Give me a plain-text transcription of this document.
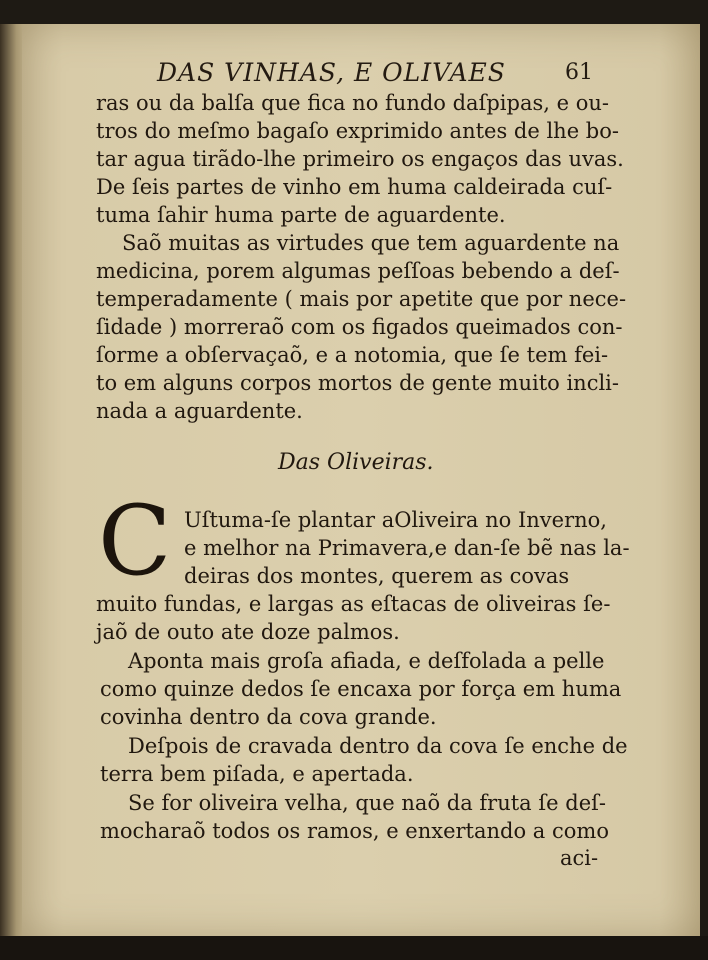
DAS VINHAS, E OLIVAES	61
ras ou da balſa que fica no fundo daſpipas, e ou-
tros do meſmo bagaſo exprimido antes de lhe bo-
tar agua tirãdo-lhe primeiro os engaços das uvas.
De ſeis partes de vinho em huma caldeirada cuſ-
tuma ſahir huma parte de aguardente.
Saõ muitas as virtudes que tem aguardente na
medicina, porem algumas peſſoas bebendo a deſ-
temperadamente ( mais por apetite que por nece-
ſidade ) morreraõ com os figados queimados con-
ſorme a obſervaçaõ, e a notomia, que ſe tem fei-
to em alguns corpos mortos de gente muito incli-
nada a aguardente.
Das Oliveiras.
C Uſtuma-ſe plantar aOliveira no Inverno,
e melhor na Primavera,e dan-ſe bẽ nas la-
deiras dos montes, querem as covas
muito fundas, e largas as eſtacas de oliveiras ſe-
jaõ de outo ate doze palmos.
Aponta mais groſa afiada, e deſfolada a pelle
como quinze dedos ſe encaxa por força em huma
covinha dentro da cova grande.
Deſpois de cravada dentro da cova ſe enche de
terra bem piſada, e apertada.
Se for oliveira velha, que naõ da fruta ſe deſ-
mocharaõ todos os ramos, e enxertando a como
aci-
